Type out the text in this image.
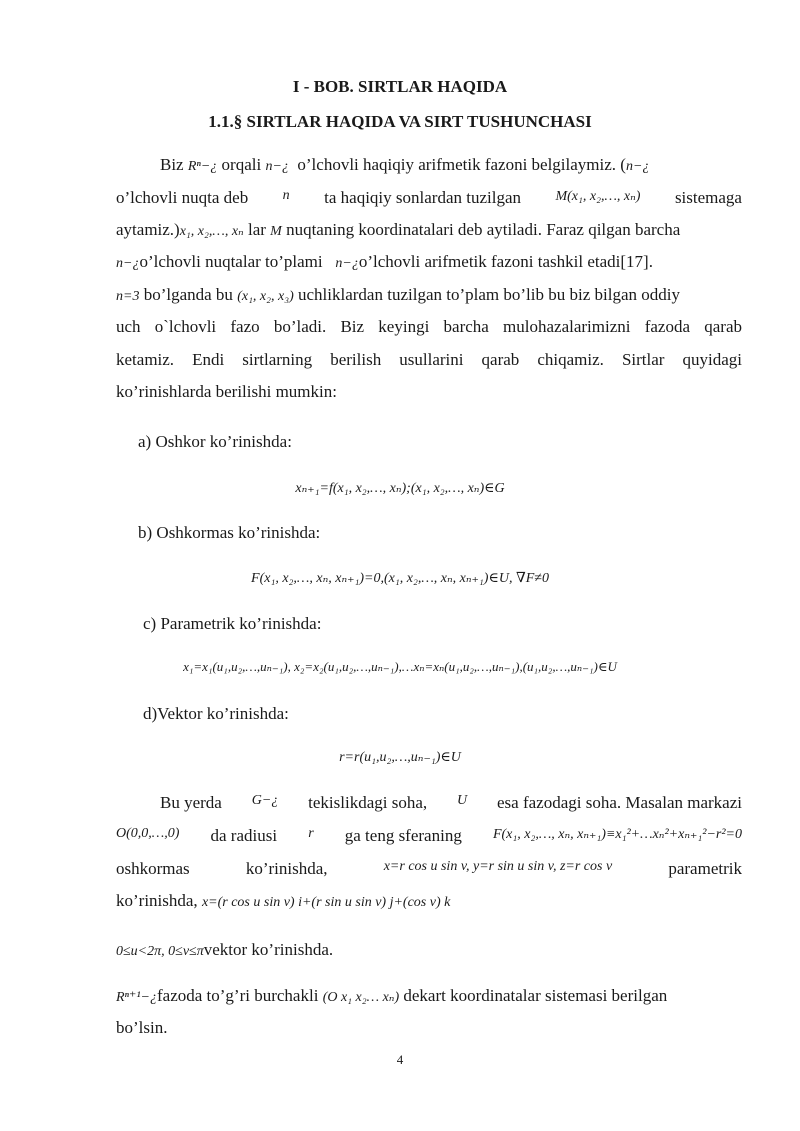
I - BOB. SIRTLAR HAQIDA
1.1.§ SIRTLAR HAQIDA VA SIRT TUSHUNCHASI
Biz Rⁿ−¿ orqali n−¿ o’lchovli haqiqiy arifmetik fazoni belgilaymiz. (n−¿
o’lchovli nuqta deb n ta haqiqiy sonlardan tuzilgan M(x₁, x₂,…, xₙ) sistemaga
aytamiz.)x₁, x₂,…, xₙ lar M nuqtaning koordinatalari deb aytiladi. Faraz qilgan barcha
n−¿o’lchovli nuqtalar to’plami n−¿o’lchovli arifmetik fazoni tashkil etadi[17].
n=3 bo’lganda bu (x₁, x₂, x₃) uchliklardan tuzilgan to’plam bo’lib bu biz bilgan oddiy
uch o`lchovli fazo bo’ladi. Biz keyingi barcha mulohazalarimizni fazoda qarab
ketamiz. Endi sirtlarning berilish usullarini qarab chiqamiz. Sirtlar quyidagi
ko’rinishlarda berilishi mumkin:
a) Oshkor ko’rinishda:
xₙ₊₁=f(x₁, x₂,…, xₙ);(x₁, x₂,…, xₙ)∈G
b) Oshkormas ko’rinishda:
F(x₁, x₂,…, xₙ, xₙ₊₁)=0,(x₁, x₂,…, xₙ, xₙ₊₁)∈U, ∇F≠0
c) Parametrik ko’rinishda:
x₁=x₁(u₁,u₂,…,uₙ₋₁), x₂=x₂(u₁,u₂,…,uₙ₋₁),…xₙ=xₙ(u₁,u₂,…,uₙ₋₁),(u₁,u₂,…,uₙ₋₁)∈U
d)Vektor ko’rinishda:
r=r(u₁,u₂,…,uₙ₋₁)∈U
Bu yerda G−¿ tekislikdagi soha, U esa fazodagi soha. Masalan markazi
O(0,0,…,0) da radiusi r ga teng sferaning F(x₁, x₂,…, xₙ, xₙ₊₁)≡x₁²+…xₙ²+xₙ₊₁²−r²=0
oshkormas	ko’rinishda,	x=r cos u sin v, y=r sin u sin v, z=r cos v	parametrik
ko’rinishda, x=(r cos u sin v) i+(r sin u sin v) j+(cos v) k
0≤u<2π, 0≤v≤πvektor ko’rinishda.
Rⁿ⁺¹−¿fazoda to’g’ri burchakli (O x₁ x₂… xₙ) dekart koordinatalar sistemasi berilgan
bo’lsin.
4
